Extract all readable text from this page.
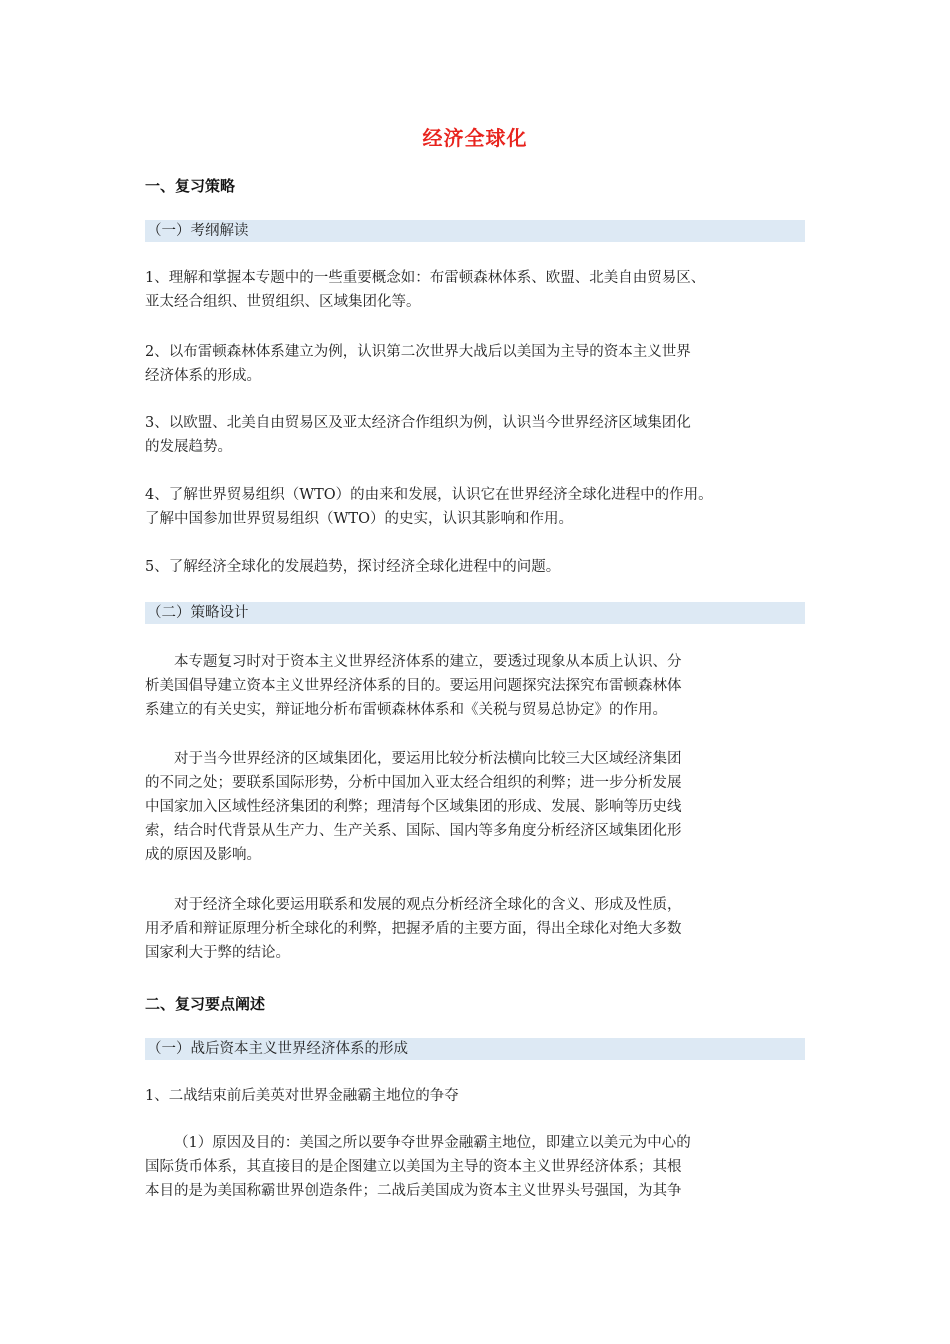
经济全球化
一、复习策略
（一）考纲解读
1、理解和掌握本专题中的一些重要概念如：布雷顿森林体系、欧盟、北美自由贸易区、
亚太经合组织、世贸组织、区域集团化等。
2、以布雷顿森林体系建立为例，认识第二次世界大战后以美国为主导的资本主义世界
经济体系的形成。
3、以欧盟、北美自由贸易区及亚太经济合作组织为例，认识当今世界经济区域集团化
的发展趋势。
4、了解世界贸易组织（WTO）的由来和发展，认识它在世界经济全球化进程中的作用。
了解中国参加世界贸易组织（WTO）的史实，认识其影响和作用。
5、了解经济全球化的发展趋势，探讨经济全球化进程中的问题。
（二）策略设计
本专题复习时对于资本主义世界经济体系的建立，要透过现象从本质上认识、分
析美国倡导建立资本主义世界经济体系的目的。要运用问题探究法探究布雷顿森林体
系建立的有关史实，辩证地分析布雷顿森林体系和《关税与贸易总协定》的作用。
对于当今世界经济的区域集团化，要运用比较分析法横向比较三大区域经济集团
的不同之处；要联系国际形势，分析中国加入亚太经合组织的利弊；进一步分析发展
中国家加入区域性经济集团的利弊；理清每个区域集团的形成、发展、影响等历史线
索，结合时代背景从生产力、生产关系、国际、国内等多角度分析经济区域集团化形
成的原因及影响。
对于经济全球化要运用联系和发展的观点分析经济全球化的含义、形成及性质，
用矛盾和辩证原理分析全球化的利弊，把握矛盾的主要方面，得出全球化对绝大多数
国家利大于弊的结论。
二、复习要点阐述
（一）战后资本主义世界经济体系的形成
1、二战结束前后美英对世界金融霸主地位的争夺
（1）原因及目的：美国之所以要争夺世界金融霸主地位，即建立以美元为中心的
国际货币体系，其直接目的是企图建立以美国为主导的资本主义世界经济体系；其根
本目的是为美国称霸世界创造条件；二战后美国成为资本主义世界头号强国，为其争
